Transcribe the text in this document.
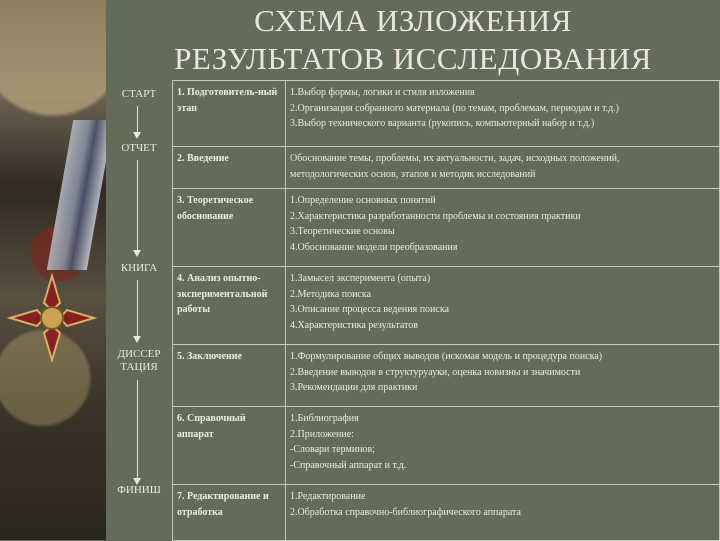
СХЕМА ИЗЛОЖЕНИЯ
РЕЗУЛЬТАТОВ ИССЛЕДОВАНИЯ
СТАРТ
ОТЧЕТ
КНИГА
ДИССЕР ТАЦИЯ
ФИНИШ
1. Подготовитель-ный этап	1.Выбор формы, логики и стиля изложения
2.Организация собранного материала (по темам, проблемам, периодам и т.д.)
3.Выбор технического варианта (рукопись, компьютерный набор и т.д.)

2. Введение	Обоснование темы, проблемы, их актуальности, задач, исходных положений,
методологических основ, этапов и методик исследований

3. Теоретическое обоснование	1.Определение основных понятий
2.Характеристика разработанности проблемы и состояния практики
3.Теоретические основы
4.Обоснование модели преобразования

4. Анализ опытно-экспериментальной работы	1.Замысел эксперимента (опыта)
2.Методика поиска
3.Описание процесса ведения поиска
4.Характеристика результатов

5. Заключение	1.Формулирование общих выводов (искомая модель и процедура поиска)
2.Введение выводов в структуруауки, оценка новизны и значимости
3.Рекомендации для практики

6. Справочный аппарат	1.Библиография
2.Приложение:
-Словари терминов;
-Справочный аппарат и т.д.

7. Редактирование и отработка	1.Редактирование
2.Обработка справочно-библиографического аппарата
